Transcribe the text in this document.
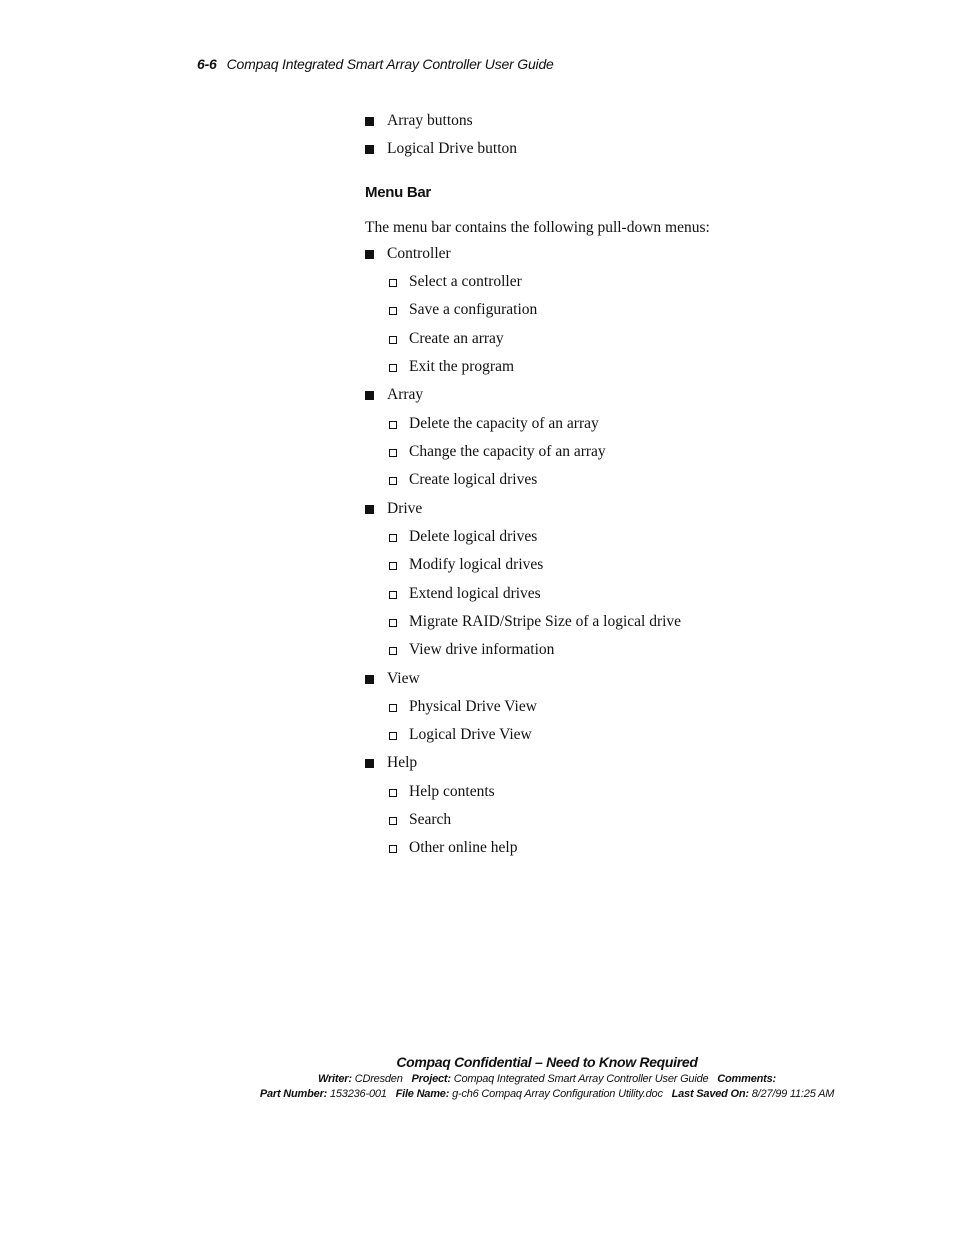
6-6 Compaq Integrated Smart Array Controller User Guide
Array buttons
Logical Drive button
Menu Bar
The menu bar contains the following pull-down menus:
Controller
Select a controller
Save a configuration
Create an array
Exit the program
Array
Delete the capacity of an array
Change the capacity of an array
Create logical drives
Drive
Delete logical drives
Modify logical drives
Extend logical drives
Migrate RAID/Stripe Size of a logical drive
View drive information
View
Physical Drive View
Logical Drive View
Help
Help contents
Search
Other online help
Compaq Confidential – Need to Know Required
Writer: CDresden Project: Compaq Integrated Smart Array Controller User Guide Comments:
Part Number: 153236-001 File Name: g-ch6 Compaq Array Configuration Utility.doc Last Saved On: 8/27/99 11:25 AM
